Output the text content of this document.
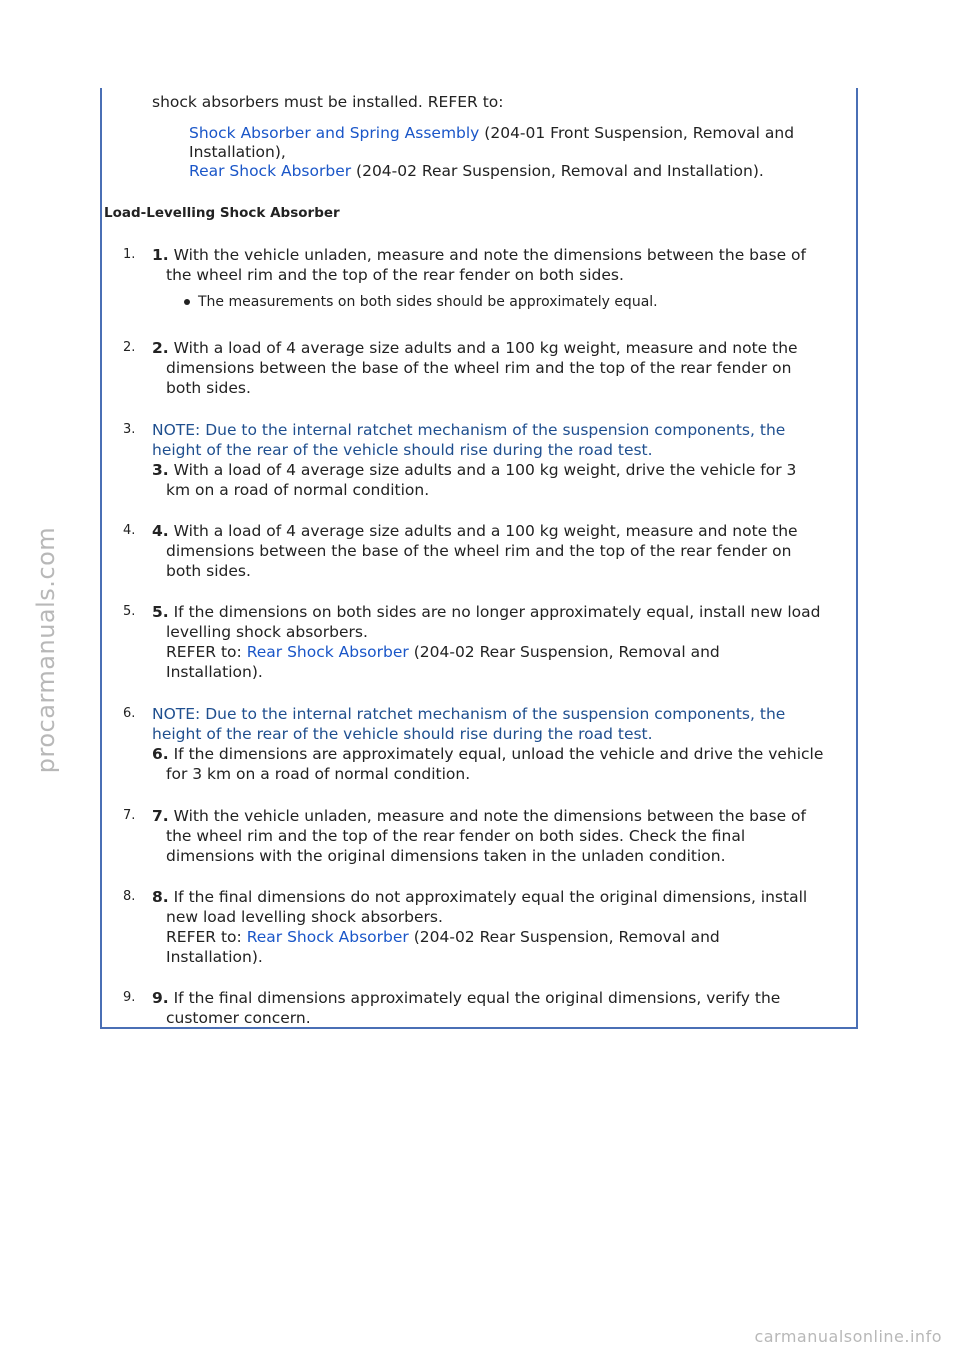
shock absorbers must be installed. REFER to:
Shock Absorber and Spring Assembly (204-01 Front Suspension, Removal and Installation),
Rear Shock Absorber (204-02 Rear Suspension, Removal and Installation).
Load-Levelling Shock Absorber
1. 1. With the vehicle unladen, measure and note the dimensions between the base of
the wheel rim and the top of the rear fender on both sides.
The measurements on both sides should be approximately equal.
2. 2. With a load of 4 average size adults and a 100 kg weight, measure and note the
dimensions between the base of the wheel rim and the top of the rear fender on
both sides.
3. NOTE: Due to the internal ratchet mechanism of the suspension components, the
height of the rear of the vehicle should rise during the road test.
3. With a load of 4 average size adults and a 100 kg weight, drive the vehicle for 3
km on a road of normal condition.
4. 4. With a load of 4 average size adults and a 100 kg weight, measure and note the
dimensions between the base of the wheel rim and the top of the rear fender on
both sides.
5. 5. If the dimensions on both sides are no longer approximately equal, install new load
levelling shock absorbers.
REFER to: Rear Shock Absorber (204-02 Rear Suspension, Removal and
Installation).
6. NOTE: Due to the internal ratchet mechanism of the suspension components, the
height of the rear of the vehicle should rise during the road test.
6. If the dimensions are approximately equal, unload the vehicle and drive the vehicle
for 3 km on a road of normal condition.
7. 7. With the vehicle unladen, measure and note the dimensions between the base of
the wheel rim and the top of the rear fender on both sides. Check the final
dimensions with the original dimensions taken in the unladen condition.
8. 8. If the final dimensions do not approximately equal the original dimensions, install
new load levelling shock absorbers.
REFER to: Rear Shock Absorber (204-02 Rear Suspension, Removal and
Installation).
9. 9. If the final dimensions approximately equal the original dimensions, verify the
customer concern.
procarmanuals.com
carmanualsonline.info
